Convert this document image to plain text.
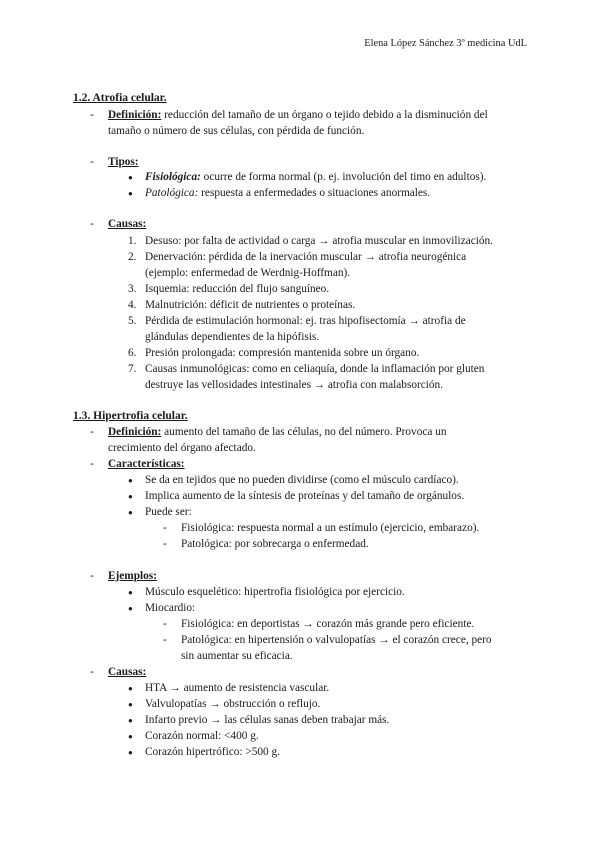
Elena López Sánchez 3º medicina UdL
1.2. Atrofia celular.
- Definición: reducción del tamaño de un órgano o tejido debido a la disminución del
tamaño o número de sus células, con pérdida de función.
- Tipos:
● Fisiológica: ocurre de forma normal (p. ej. involución del timo en adultos).
● Patológica: respuesta a enfermedades o situaciones anormales.
- Causas:
1. Desuso: por falta de actividad o carga → atrofia muscular en inmovilización.
2. Denervación: pérdida de la inervación muscular → atrofia neurogénica
(ejemplo: enfermedad de Werdnig-Hoffman).
3. Isquemia: reducción del flujo sanguíneo.
4. Malnutrición: déficit de nutrientes o proteínas.
5. Pérdida de estimulación hormonal: ej. tras hipofisectomía → atrofia de
glándulas dependientes de la hipófisis.
6. Presión prolongada: compresión mantenida sobre un órgano.
7. Causas inmunológicas: como en celiaquía, donde la inflamación por gluten
destruye las vellosidades intestinales → atrofia con malabsorción.
1.3. Hipertrofia celular.
- Definición: aumento del tamaño de las células, no del número. Provoca un
crecimiento del órgano afectado.
- Características:
● Se da en tejidos que no pueden dividirse (como el músculo cardíaco).
● Implica aumento de la síntesis de proteínas y del tamaño de orgánulos.
● Puede ser:
- Fisiológica: respuesta normal a un estímulo (ejercicio, embarazo).
- Patológica: por sobrecarga o enfermedad.
- Ejemplos:
● Músculo esquelético: hipertrofia fisiológica por ejercicio.
● Miocardio:
- Fisiológica: en deportistas → corazón más grande pero eficiente.
- Patológica: en hipertensión o valvulopatías → el corazón crece, pero
sin aumentar su eficacia.
- Causas:
● HTA → aumento de resistencia vascular.
● Valvulopatías → obstrucción o reflujo.
● Infarto previo → las células sanas deben trabajar más.
● Corazón normal: <400 g.
● Corazón hipertrófico: >500 g.
